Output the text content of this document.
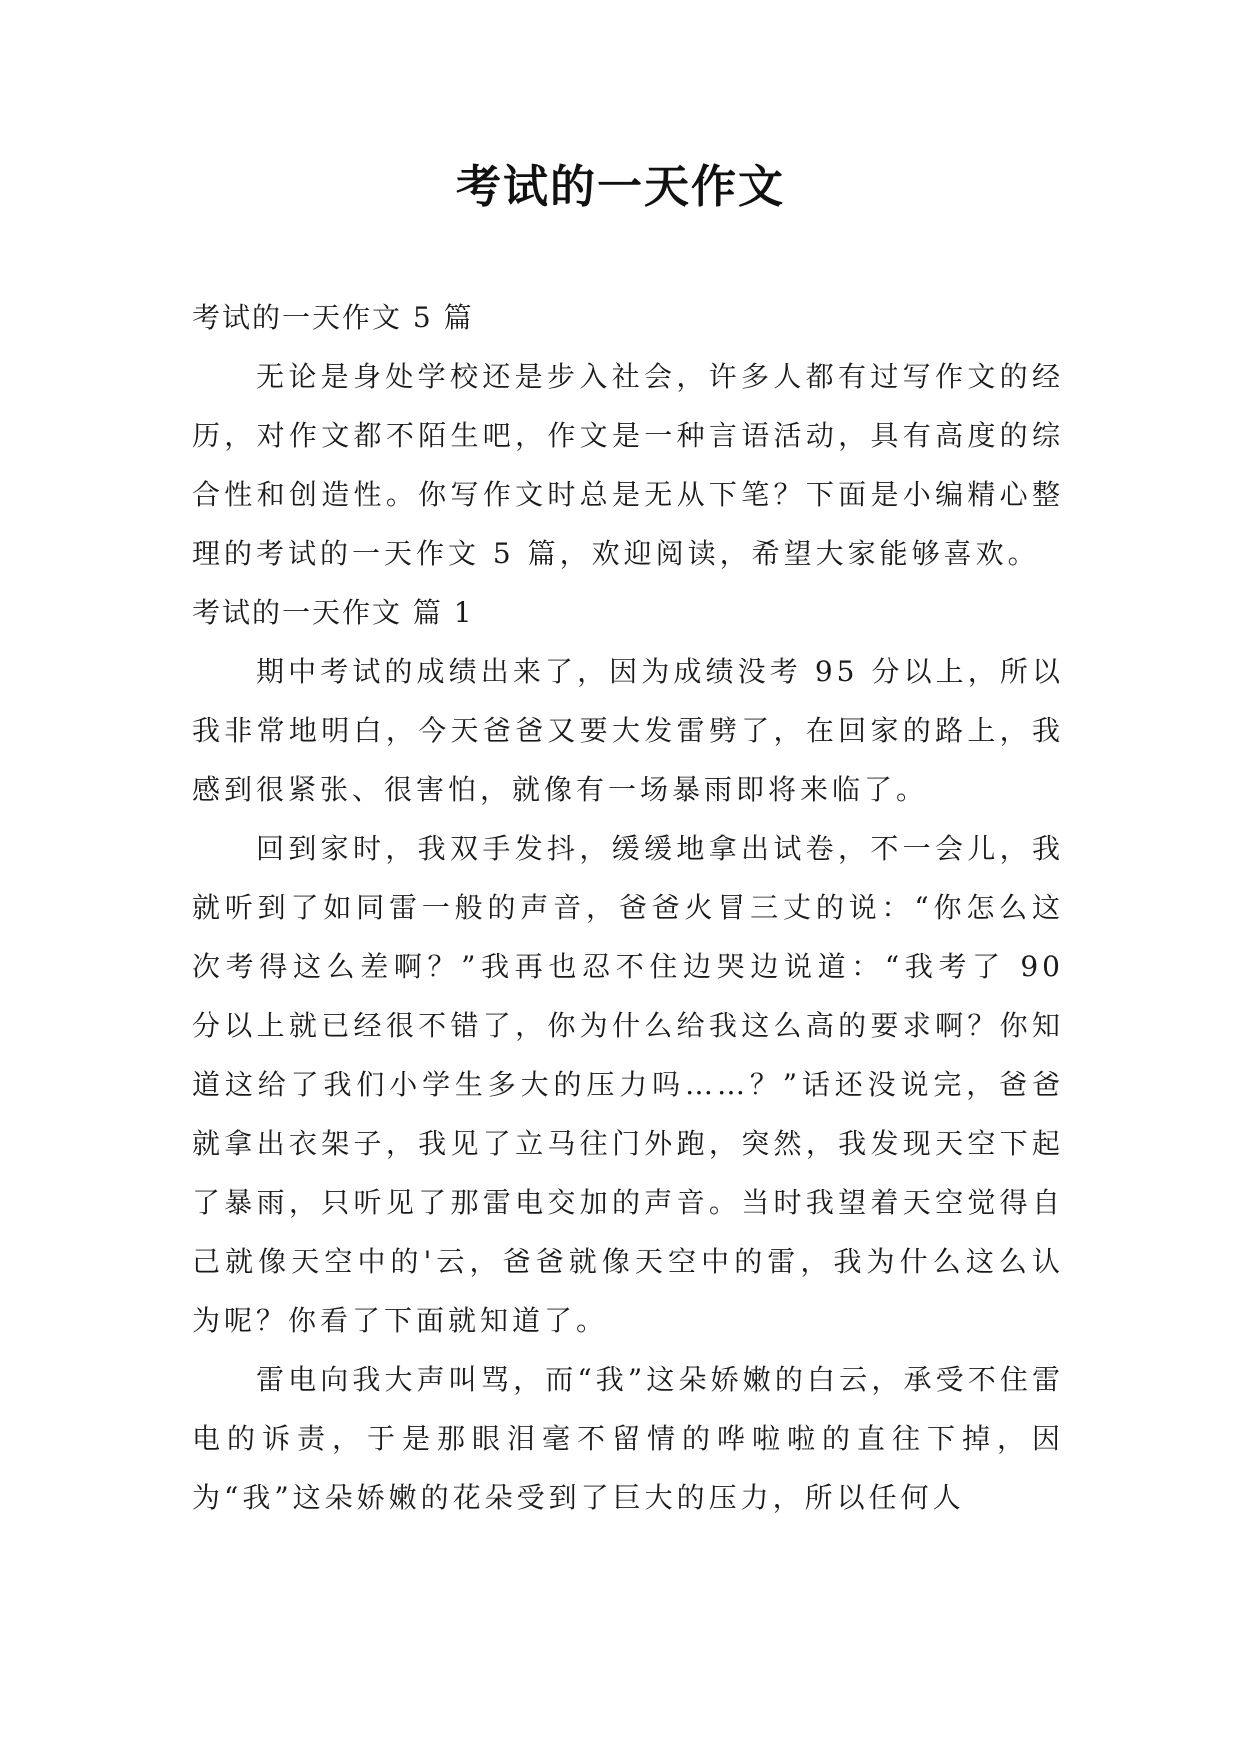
考试的一天作文

考试的一天作文 5 篇

无论是身处学校还是步入社会，许多人都有过写作文的经历，对作文都不陌生吧，作文是一种言语活动，具有高度的综合性和创造性。你写作文时总是无从下笔？下面是小编精心整理的考试的一天作文 5 篇，欢迎阅读，希望大家能够喜欢。

考试的一天作文 篇 1

期中考试的成绩出来了，因为成绩没考 95 分以上，所以我非常地明白，今天爸爸又要大发雷劈了，在回家的路上，我感到很紧张、很害怕，就像有一场暴雨即将来临了。

回到家时，我双手发抖，缓缓地拿出试卷，不一会儿，我就听到了如同雷一般的声音，爸爸火冒三丈的说：“你怎么这次考得这么差啊？”我再也忍不住边哭边说道：“我考了 90 分以上就已经很不错了，你为什么给我这么高的要求啊？你知道这给了我们小学生多大的压力吗……？”话还没说完，爸爸就拿出衣架子，我见了立马往门外跑，突然，我发现天空下起了暴雨，只听见了那雷电交加的声音。当时我望着天空觉得自己就像天空中的'云，爸爸就像天空中的雷，我为什么这么认为呢？你看了下面就知道了。

雷电向我大声叫骂，而“我”这朵娇嫩的白云，承受不住雷电的诉责，于是那眼泪毫不留情的哗啦啦的直往下掉，因为“我”这朵娇嫩的花朵受到了巨大的压力，所以任何人
